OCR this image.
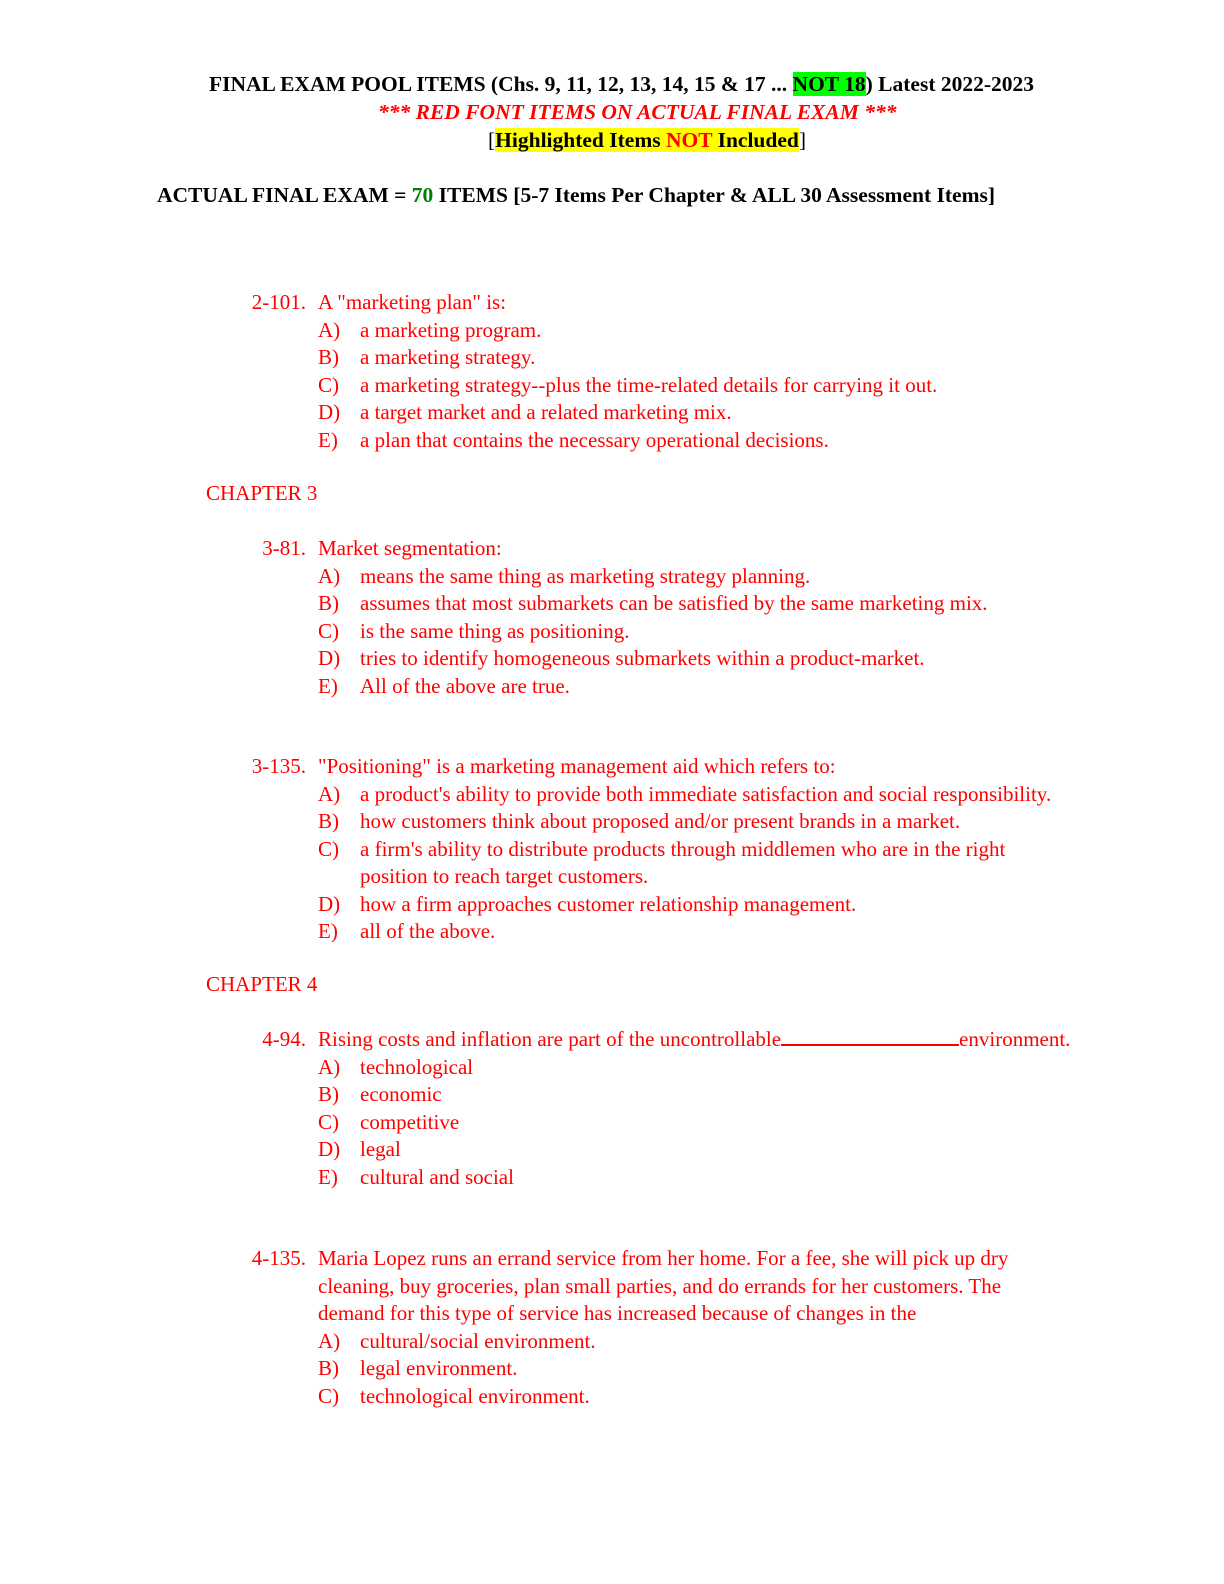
FINAL EXAM POOL ITEMS (Chs. 9, 11, 12, 13, 14, 15 & 17 ... NOT 18) Latest 2022-2023
*** RED FONT ITEMS ON ACTUAL FINAL EXAM ***
[Highlighted Items NOT Included]
ACTUAL FINAL EXAM = 70 ITEMS [5-7 Items Per Chapter & ALL 30 Assessment Items]
2-101. A "marketing plan" is:
A) a marketing program.
B) a marketing strategy.
C) a marketing strategy--plus the time-related details for carrying it out.
D) a target market and a related marketing mix.
E) a plan that contains the necessary operational decisions.
CHAPTER 3
3-81. Market segmentation:
A) means the same thing as marketing strategy planning.
B) assumes that most submarkets can be satisfied by the same marketing mix.
C) is the same thing as positioning.
D) tries to identify homogeneous submarkets within a product-market.
E) All of the above are true.
3-135. "Positioning" is a marketing management aid which refers to:
A) a product's ability to provide both immediate satisfaction and social responsibility.
B) how customers think about proposed and/or present brands in a market.
C) a firm's ability to distribute products through middlemen who are in the right
position to reach target customers.
D) how a firm approaches customer relationship management.
E) all of the above.
CHAPTER 4
4-94. Rising costs and inflation are part of the uncontrollable	environment.
A) technological
B) economic
C) competitive
D) legal
E) cultural and social
4-135. Maria Lopez runs an errand service from her home. For a fee, she will pick up dry
cleaning, buy groceries, plan small parties, and do errands for her customers. The
demand for this type of service has increased because of changes in the
A) cultural/social environment.
B) legal environment.
C) technological environment.
